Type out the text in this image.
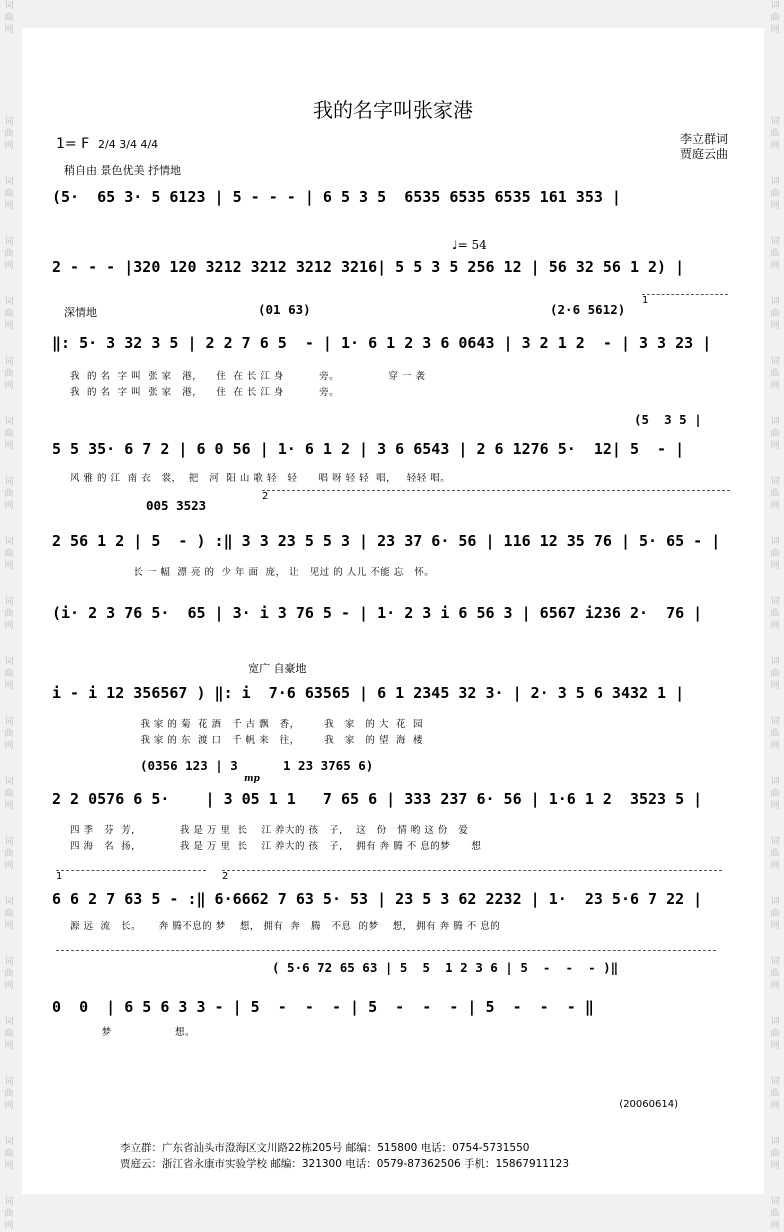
词曲网
词曲网
词曲网
词曲网
词曲网
词曲网
词曲网
词曲网
词曲网
词曲网
词曲网
词曲网
词曲网
词曲网
词曲网
词曲网
词曲网
词曲网
词曲网
词曲网
词曲网
词曲网
词曲网
词曲网
词曲网
词曲网
词曲网
词曲网
词曲网
词曲网
词曲网
词曲网
词曲网
词曲网
词曲网
词曲网
词曲网
词曲网
词曲网
词曲网
我的名字叫张家港
1= F 2/4 3/4 4/4	李立群词
贾庭云曲
稍自由 景色优美 抒情地
(5·  65 3· 5 6123 | 5 - - - | 6 5 3 5  6535 6535 6535 161 353 |
♩= 54
2 - - - |320 120 3212 3212 3212 3216| 5 5 3 5 256 12 | 56 32 56 1 2) |
深情地	(01 63)	(2·6 5612)
1
‖: 5· 3 32 3 5 | 2 2 7 6 5  - | 1· 6 1 2 3 6 0643 | 3 2 1 2  - | 3 3 23 |
我  的 名  字 叫  张 家   港，    住  在 长 江 身          旁。              穿 一 袭
我  的 名  字 叫  张 家   港，    住  在 长 江 身          旁。
(5  3 5 |
5 5 35· 6 7 2 | 6 0 56 | 1· 6 1 2 | 3 6 6543 | 2 6 1276 5·  12| 5  - |
风 雅 的 江  南 衣   裳，  把   河  阳 山 歌 轻   轻      唱 呀 轻 轻  唱，   轻轻 唱。
005 3523
2
2 56 1 2 | 5  - ) :‖ 3 3 23 5 5 3 | 23 37 6· 56 | 116 12 35 76 | 5· 65 - |
长 一 幅  漂 亮 的  少 年 面  庞， 让   见过 的 人儿 不能 忘   怀。
(i· 2 3 76 5·  65 | 3· i 3 76 5 - | 1· 2 3 i 6 56 3 | 6567 i236 2·  76 |
宽广 自豪地
i - i 12 356567 ) ‖: i  7·6 63565 | 6 1 2345 32 3· | 2· 3 5 6 3432 1 |
我 家 的 菊  花 酒   千 古 飘   香，       我   家   的 大  花  园
我 家 的 东  渡 口   千 帆 来   往，       我   家   的 望  海  楼
(0356 123 | 3      1 23 3765 6)
mp
2 2 0576 6 5·    | 3 05 1 1   7 65 6 | 333 237 6· 56 | 1·6 1 2  3523 5 |
四 季   芬  芳，           我 是 万 里  长    江 养大的 孩   子，  这   份   情 哟 这 份   爱
四 海   名  扬，           我 是 万 里  长    江 养大的 孩   子，  拥有 奔 腾 不 息的梦      想
1	2
6 6 2 7 63 5 - :‖ 6·6662 7 63 5· 53 | 23 5 3 62 2232 | 1·  23 5·6 7 22 |
源 远  流   长。     奔 腾不息的 梦    想， 拥有  奔   腾   不息  的梦    想， 拥有 奔 腾 不 息的
( 5·6 72 65 63 | 5  5  1 2 3 6 | 5  -  -  - )‖
0  0  | 6 5 6 3 3 - | 5  -  -  - | 5  -  -  - | 5  -  -  - ‖
梦                  想。
(20060614)
李立群：广东省汕头市澄海区文川路22栋205号 邮编：515800 电话：0754-5731550
贾庭云：浙江省永康市实验学校 邮编：321300 电话：0579-87362506 手机：15867911123
